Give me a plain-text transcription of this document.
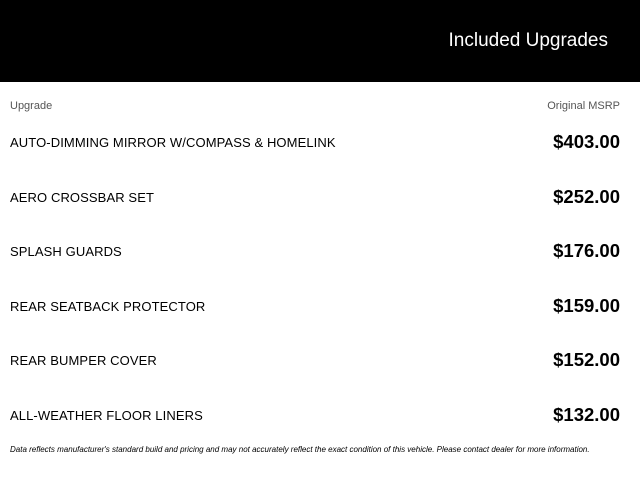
Included Upgrades
Upgrade	Original MSRP
AUTO-DIMMING MIRROR W/COMPASS & HOMELINK	$403.00
AERO CROSSBAR SET	$252.00
SPLASH GUARDS	$176.00
REAR SEATBACK PROTECTOR	$159.00
REAR BUMPER COVER	$152.00
ALL-WEATHER FLOOR LINERS	$132.00
Data reflects manufacturer's standard build and pricing and may not accurately reflect the exact condition of this vehicle. Please contact dealer for more information.
